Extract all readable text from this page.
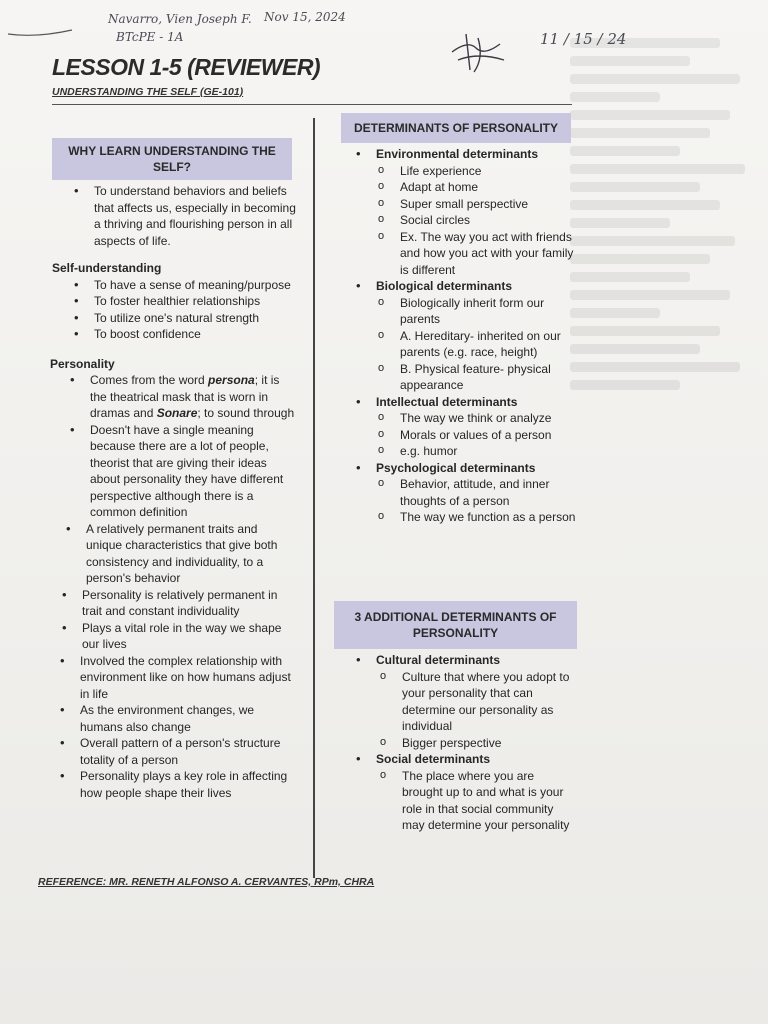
Navarro, Vien Joseph F.
BTcPE - 1A
Nov 15, 2024
11 / 15 / 24
LESSON 1-5 (REVIEWER)
UNDERSTANDING THE SELF (GE-101)
WHY LEARN UNDERSTANDING THE SELF?
• To understand behaviors and beliefs that affects us, especially in becoming a thriving and flourishing person in all aspects of life.
Self-understanding
• To have a sense of meaning/purpose
• To foster healthier relationships
• To utilize one's natural strength
• To boost confidence
Personality
• Comes from the word persona; it is the theatrical mask that is worn in dramas and Sonare; to sound through
• Doesn't have a single meaning because there are a lot of people, theorist that are giving their ideas about personality they have different perspective although there is a common definition
• A relatively permanent traits and unique characteristics that give both consistency and individuality, to a person's behavior
• Personality is relatively permanent in trait and constant individuality
• Plays a vital role in the way we shape our lives
• Involved the complex relationship with environment like on how humans adjust in life
• As the environment changes, we humans also change
• Overall pattern of a person's structure totality of a person
• Personality plays a key role in affecting how people shape their lives
DETERMINANTS OF PERSONALITY
• Environmental determinants
o Life experience
o Adapt at home
o Super small perspective
o Social circles
o Ex. The way you act with friends and how you act with your family is different
• Biological determinants
o Biologically inherit form our parents
o A. Hereditary- inherited on our parents (e.g. race, height)
o B. Physical feature- physical appearance
• Intellectual determinants
o The way we think or analyze
o Morals or values of a person
o e.g. humor
• Psychological determinants
o Behavior, attitude, and inner thoughts of a person
o The way we function as a person
3 ADDITIONAL DETERMINANTS OF PERSONALITY
• Cultural determinants
o Culture that where you adopt to your personality that can determine our personality as individual
o Bigger perspective
• Social determinants
o The place where you are brought up to and what is your role in that social community may determine your personality
REFERENCE: MR. RENETH ALFONSO A. CERVANTES, RPm, CHRA
